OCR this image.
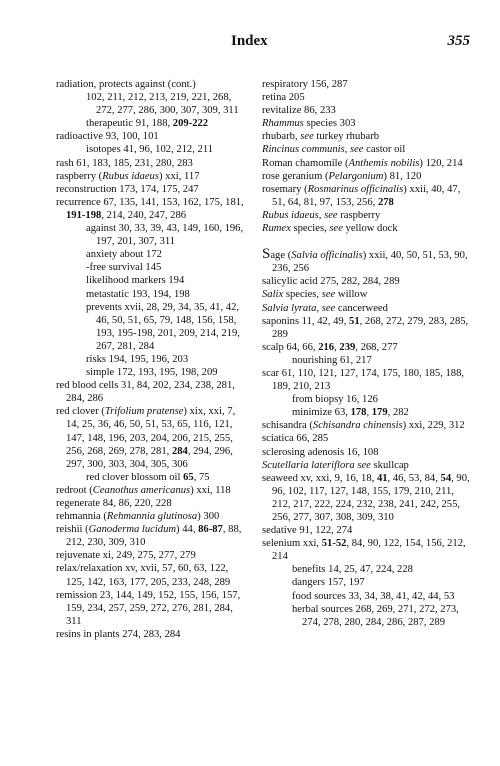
Index	355

radiation, protects against (cont.)

102, 211, 212, 213, 219, 221, 268, 272, 277, 286, 300, 307, 309, 311

therapeutic 91, 188, 209-222

radioactive 93, 100, 101

isotopes 41, 96, 102, 212, 211

rash 61, 183, 185, 231, 280, 283

raspberry (Rubus idaeus) xxi, 117

reconstruction 173, 174, 175, 247

recurrence 67, 135, 141, 153, 162, 175, 181, 191-198, 214, 240, 247, 286

against 30, 33, 39, 43, 149, 160, 196, 197, 201, 307, 311

anxiety about 172

-free survival 145

likelihood markers 194

metastatic 193, 194, 198

prevents xvii, 28, 29, 34, 35, 41, 42, 46, 50, 51, 65, 79, 148, 156, 158, 193, 195-198, 201, 209, 214, 219, 267, 281, 284

risks 194, 195, 196, 203

simple 172, 193, 195, 198, 209

red blood cells 31, 84, 202, 234, 238, 281, 284, 286

red clover (Trifolium pratense) xix, xxi, 7, 14, 25, 36, 46, 50, 51, 53, 65, 116, 121, 147, 148, 196, 203, 204, 206, 215, 255, 256, 268, 269, 278, 281, 284, 294, 296, 297, 300, 303, 304, 305, 306

red clover blossom oil 65, 75

redroot (Ceanothus americanus) xxi, 118

regenerate 84, 86, 220, 228

rehmannia (Rehmannia glutinosa) 300

reishii (Ganoderma lucidum) 44, 86-87, 88, 212, 230, 309, 310

rejuvenate xi, 249, 275, 277, 279

relax/relaxation xv, xvii, 57, 60, 63, 122, 125, 142, 163, 177, 205, 233, 248, 289

remission 23, 144, 149, 152, 155, 156, 157, 159, 234, 257, 259, 272, 276, 281, 284, 311

resins in plants 274, 283, 284

respiratory 156, 287

retina 205

revitalize 86, 233

Rhammus species 303

rhubarb, see turkey rhubarb

Rincinus communis, see castor oil

Roman chamomile (Anthemis nobilis) 120, 214

rose geranium (Pelargonium) 81, 120

rosemary (Rosmarinus officinalis) xxii, 40, 47, 51, 64, 81, 97, 153, 256, 278

Rubus idaeus, see raspberry

Rumex species, see yellow dock

Sage (Salvia officinalis) xxii, 40, 50, 51, 53, 90, 236, 256

salicylic acid 275, 282, 284, 289

Salix species, see willow

Salvia lyrata, see cancerweed

saponins 11, 42, 49, 51, 268, 272, 279, 283, 285, 289

scalp 64, 66, 216, 239, 268, 277

nourishing 61, 217

scar 61, 110, 121, 127, 174, 175, 180, 185, 188, 189, 210, 213

from biopsy 16, 126

minimize 63, 178, 179, 282

schisandra (Schisandra chinensis) xxi, 229, 312

sciatica 66, 285

sclerosing adenosis 16, 108

Scutellaria lateriflora see skullcap

seaweed xv, xxi, 9, 16, 18, 41, 46, 53, 84, 54, 90, 96, 102, 117, 127, 148, 155, 179, 210, 211, 212, 217, 222, 224, 232, 238, 241, 242, 255, 256, 277, 307, 308, 309, 310

sedative 91, 122, 274

selenium xxi, 51-52, 84, 90, 122, 154, 156, 212, 214

benefits 14, 25, 47, 224, 228

dangers 157, 197

food sources 33, 34, 38, 41, 42, 44, 53

herbal sources 268, 269, 271, 272, 273, 274, 278, 280, 284, 286, 287, 289
